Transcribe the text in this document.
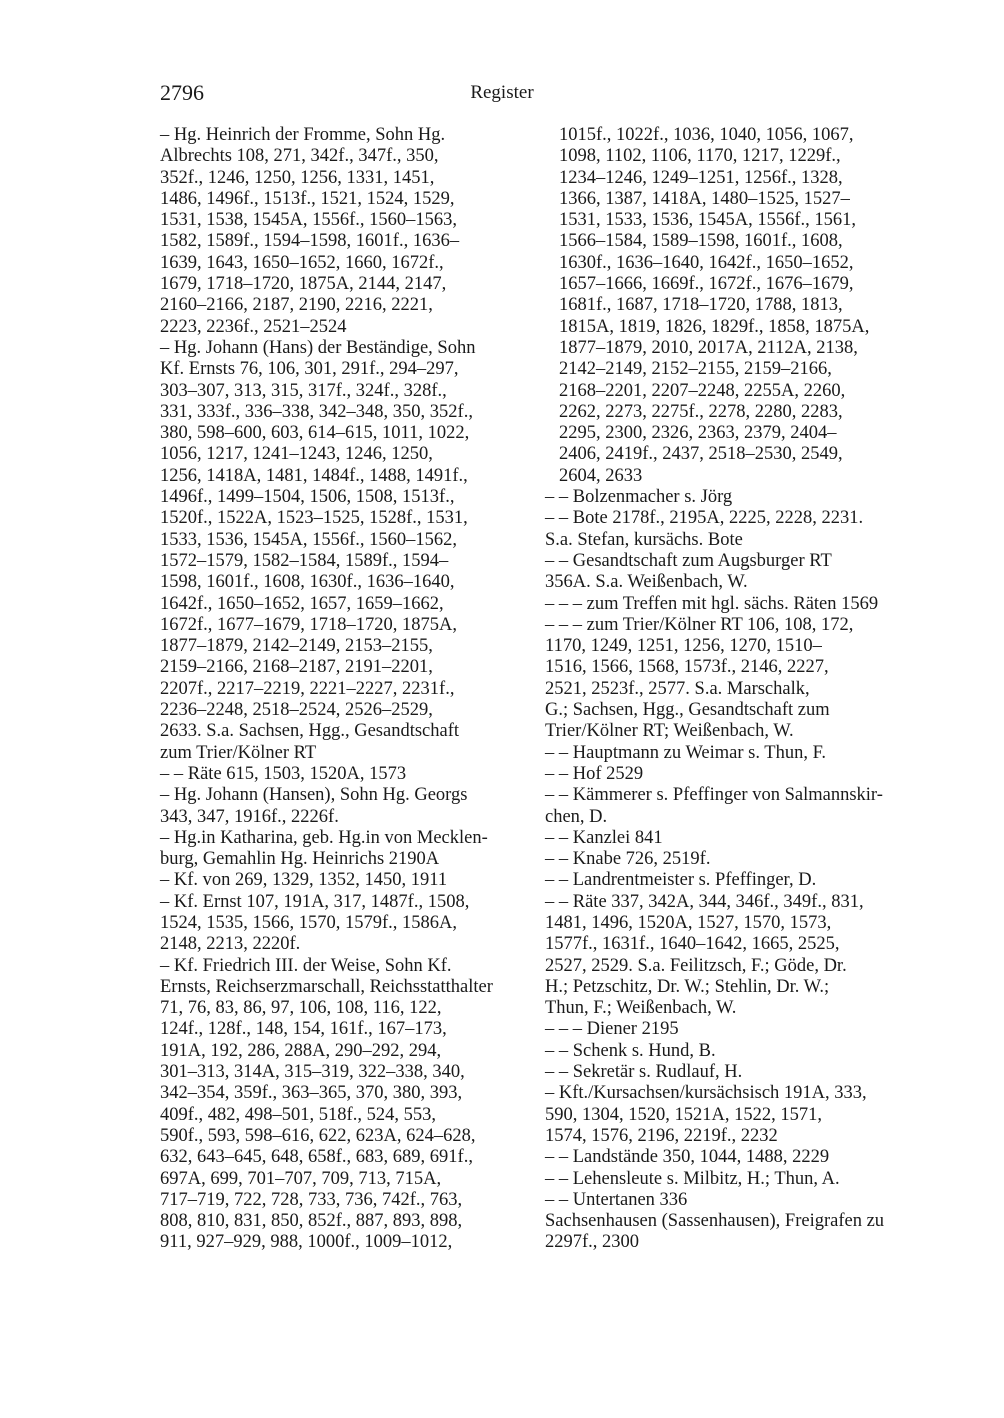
2796	Register

– Hg. Heinrich der Fromme, Sohn Hg.
Albrechts 108, 271, 342f., 347f., 350,
352f., 1246, 1250, 1256, 1331, 1451,
1486, 1496f., 1513f., 1521, 1524, 1529,
1531, 1538, 1545A, 1556f., 1560–1563,
1582, 1589f., 1594–1598, 1601f., 1636–
1639, 1643, 1650–1652, 1660, 1672f.,
1679, 1718–1720, 1875A, 2144, 2147,
2160–2166, 2187, 2190, 2216, 2221,
2223, 2236f., 2521–2524

– Hg. Johann (Hans) der Beständige, Sohn
Kf. Ernsts 76, 106, 301, 291f., 294–297,
303–307, 313, 315, 317f., 324f., 328f.,
331, 333f., 336–338, 342–348, 350, 352f.,
380, 598–600, 603, 614–615, 1011, 1022,
1056, 1217, 1241–1243, 1246, 1250,
1256, 1418A, 1481, 1484f., 1488, 1491f.,
1496f., 1499–1504, 1506, 1508, 1513f.,
1520f., 1522A, 1523–1525, 1528f., 1531,
1533, 1536, 1545A, 1556f., 1560–1562,
1572–1579, 1582–1584, 1589f., 1594–
1598, 1601f., 1608, 1630f., 1636–1640,
1642f., 1650–1652, 1657, 1659–1662,
1672f., 1677–1679, 1718–1720, 1875A,
1877–1879, 2142–2149, 2153–2155,
2159–2166, 2168–2187, 2191–2201,
2207f., 2217–2219, 2221–2227, 2231f.,
2236–2248, 2518–2524, 2526–2529,
2633. S.a. Sachsen, Hgg., Gesandtschaft
zum Trier/Kölner RT

– – Räte 615, 1503, 1520A, 1573

– Hg. Johann (Hansen), Sohn Hg. Georgs
343, 347, 1916f., 2226f.

– Hg.in Katharina, geb. Hg.in von Mecklen-
burg, Gemahlin Hg. Heinrichs 2190A

– Kf. von 269, 1329, 1352, 1450, 1911

– Kf. Ernst 107, 191A, 317, 1487f., 1508,
1524, 1535, 1566, 1570, 1579f., 1586A,
2148, 2213, 2220f.

– Kf. Friedrich III. der Weise, Sohn Kf.
Ernsts, Reichserzmarschall, Reichsstatthalter
71, 76, 83, 86, 97, 106, 108, 116, 122,
124f., 128f., 148, 154, 161f., 167–173,
191A, 192, 286, 288A, 290–292, 294,
301–313, 314A, 315–319, 322–338, 340,
342–354, 359f., 363–365, 370, 380, 393,
409f., 482, 498–501, 518f., 524, 553,
590f., 593, 598–616, 622, 623A, 624–628,
632, 643–645, 648, 658f., 683, 689, 691f.,
697A, 699, 701–707, 709, 713, 715A,
717–719, 722, 728, 733, 736, 742f., 763,
808, 810, 831, 850, 852f., 887, 893, 898,
911, 927–929, 988, 1000f., 1009–1012,

1015f., 1022f., 1036, 1040, 1056, 1067,
1098, 1102, 1106, 1170, 1217, 1229f.,
1234–1246, 1249–1251, 1256f., 1328,
1366, 1387, 1418A, 1480–1525, 1527–
1531, 1533, 1536, 1545A, 1556f., 1561,
1566–1584, 1589–1598, 1601f., 1608,
1630f., 1636–1640, 1642f., 1650–1652,
1657–1666, 1669f., 1672f., 1676–1679,
1681f., 1687, 1718–1720, 1788, 1813,
1815A, 1819, 1826, 1829f., 1858, 1875A,
1877–1879, 2010, 2017A, 2112A, 2138,
2142–2149, 2152–2155, 2159–2166,
2168–2201, 2207–2248, 2255A, 2260,
2262, 2273, 2275f., 2278, 2280, 2283,
2295, 2300, 2326, 2363, 2379, 2404–
2406, 2419f., 2437, 2518–2530, 2549,
2604, 2633

– – Bolzenmacher s. Jörg

– – Bote 2178f., 2195A, 2225, 2228, 2231.
S.a. Stefan, kursächs. Bote

– – Gesandtschaft zum Augsburger RT
356A. S.a. Weißenbach, W.

– – – zum Treffen mit hgl. sächs. Räten 1569

– – – zum Trier/Kölner RT 106, 108, 172,
1170, 1249, 1251, 1256, 1270, 1510–
1516, 1566, 1568, 1573f., 2146, 2227,
2521, 2523f., 2577. S.a. Marschalk,
G.; Sachsen, Hgg., Gesandtschaft zum
Trier/Kölner RT; Weißenbach, W.

– – Hauptmann zu Weimar s. Thun, F.

– – Hof 2529

– – Kämmerer s. Pfeffinger von Salmannskir-
chen, D.

– – Kanzlei 841

– – Knabe 726, 2519f.

– – Landrentmeister s. Pfeffinger, D.

– – Räte 337, 342A, 344, 346f., 349f., 831,
1481, 1496, 1520A, 1527, 1570, 1573,
1577f., 1631f., 1640–1642, 1665, 2525,
2527, 2529. S.a. Feilitzsch, F.; Göde, Dr.
H.; Petzschitz, Dr. W.; Stehlin, Dr. W.;
Thun, F.; Weißenbach, W.

– – – Diener 2195

– – Schenk s. Hund, B.

– – Sekretär s. Rudlauf, H.

– Kft./Kursachsen/kursächsisch 191A, 333,
590, 1304, 1520, 1521A, 1522, 1571,
1574, 1576, 2196, 2219f., 2232

– – Landstände 350, 1044, 1488, 2229

– – Lehensleute s. Milbitz, H.; Thun, A.

– – Untertanen 336

Sachsenhausen (Sassenhausen), Freigrafen zu
2297f., 2300
